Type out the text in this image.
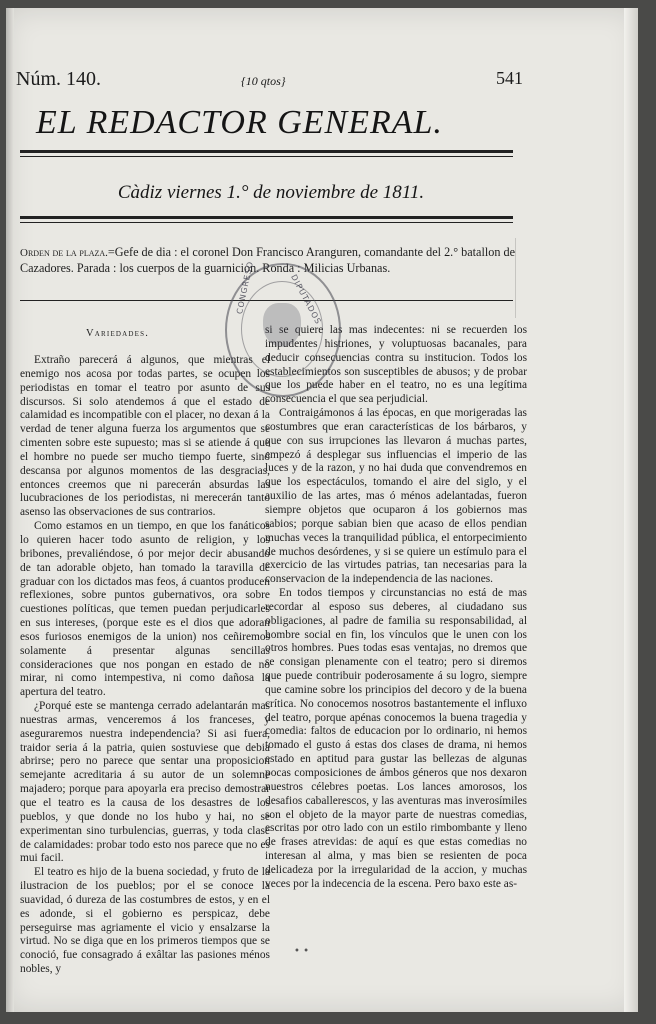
Núm. 140.	{10 qtos}	541
EL REDACTOR GENERAL.
Càdiz viernes 1.° de noviembre de 1811.
Orden de la plaza.=Gefe de dia : el coronel Don Francisco Aranguren, comandante del 2.° batallon de Cazadores. Parada : los cuerpos de la guarnicion. Ronda : Milicias Urbanas.
Variedades.

Extraño parecerá á algunos, que mientras el enemigo nos acosa por todas partes, se ocupen los periodistas en tomar el teatro por asunto de sus discursos. Si solo atendemos á que el estado de calamidad es incompatible con el placer, no dexan á la verdad de tener alguna fuerza los argumentos que se cimenten sobre este supuesto; mas si se atiende á que el hombre no puede ser mucho tiempo fuerte, sinó descansa por algunos momentos de las desgracias, entonces creemos que ni parecerán absurdas las lucubraciones de los periodistas, ni merecerán tanto asenso las observaciones de sus contrarios.

Como estamos en un tiempo, en que los fanáticos lo quieren hacer todo asunto de religion, y los bribones, prevaliéndose, ó por mejor decir abusando de tan adorable objeto, han tomado la taravilla de graduar con los dictados mas feos, á cuantos producen reflexiones, sobre puntos gubernativos, ora sobre cuestiones políticas, que temen puedan perjudicarles en sus intereses, (porque este es el dios que adoran esos furiosos enemigos de la union) nos ceñiremos solamente á presentar algunas sencillas consideraciones que nos pongan en estado de no mirar, ni como intempestiva, ni como dañosa la apertura del teatro.

¿Porqué este se mantenga cerrado adelantarán mas nuestras armas, venceremos á los franceses, y aseguraremos nuestra independencia? Si asi fuera, traidor seria á la patria, quien sostuviese que debia abrirse; pero no parece que sentar una proposicion semejante acreditaria á su autor de un solemne majadero; porque para apoyarla era preciso demostrar que el teatro es la causa de los desastres de los pueblos, y que donde no los hubo y hai, no se experimentan sino turbulencias, guerras, y toda clase de calamidades: probar todo esto nos parece que no es mui facil.

El teatro es hijo de la buena sociedad, y fruto de la ilustracion de los pueblos; por el se conoce la suavidad, ó dureza de las costumbres de estos, y en el es adonde, si el gobierno es perspicaz, debe perseguirse mas agriamente el vicio y ensalzarse la virtud. No se diga que en los primeros tiempos que se conoció, fue consagrado á exâltar las pasiones ménos nobles, y

si se quiere las mas indecentes: ni se recuerden los impudentes histriones, y voluptuosas bacanales, para deducir consecuencias contra su institucion. Todos los establecimientos son susceptibles de abusos; y de probar que los puede haber en el teatro, no es una legítima consecuencia el que sea perjudicial.

Contraigámonos á las épocas, en que morigeradas las costumbres que eran características de los bárbaros, y que con sus irrupciones las llevaron á muchas partes, empezó á desplegar sus influencias el imperio de las luces y de la razon, y no hai duda que convendremos en que los espectáculos, tomando el aire del siglo, y el auxilio de las artes, mas ó ménos adelantadas, fueron siempre objetos que ocuparon á los gobiernos mas sabios; porque sabian bien que acaso de ellos pendian muchas veces la tranquilidad pública, el entorpecimiento de muchos desórdenes, y si se quiere un estímulo para el exercicio de las virtudes patrias, tan necesarias para la conservacion de la independencia de las naciones.

En todos tiempos y circunstancias no está de mas recordar al esposo sus deberes, al ciudadano sus obligaciones, al padre de familia su responsabilidad, al hombre social en fin, los vínculos que le unen con los otros hombres. Pues todas esas ventajas, no dremos que se consigan plenamente con el teatro; pero si diremos que puede contribuir poderosamente á su logro, siempre que camine sobre los principios del decoro y de la buena crítica. No conocemos nosotros bastantemente el influxo del teatro, porque apénas conocemos la buena tragedia y comedia: faltos de educacion por lo ordinario, ni hemos tomado el gusto á estas dos clases de drama, ni hemos estado en aptitud para gustar las bellezas de algunas pocas composiciones de ámbos géneros que nos dexaron nuestros célebres poetas. Los lances amorosos, los desafios caballerescos, y las aventuras mas inverosímiles son el objeto de la mayor parte de nuestras comedias, escritas por otro lado con un estilo rimbombante y lleno de frases atrevidas: de aquí es que estas comedias no interesan al alma, y mas bien se resienten de poca delicadeza por la irregularidad de la accion, y muchas veces por la indecencia de la escena. Pero baxo este as-

CONGRESO	DIPUTADOS
• •
